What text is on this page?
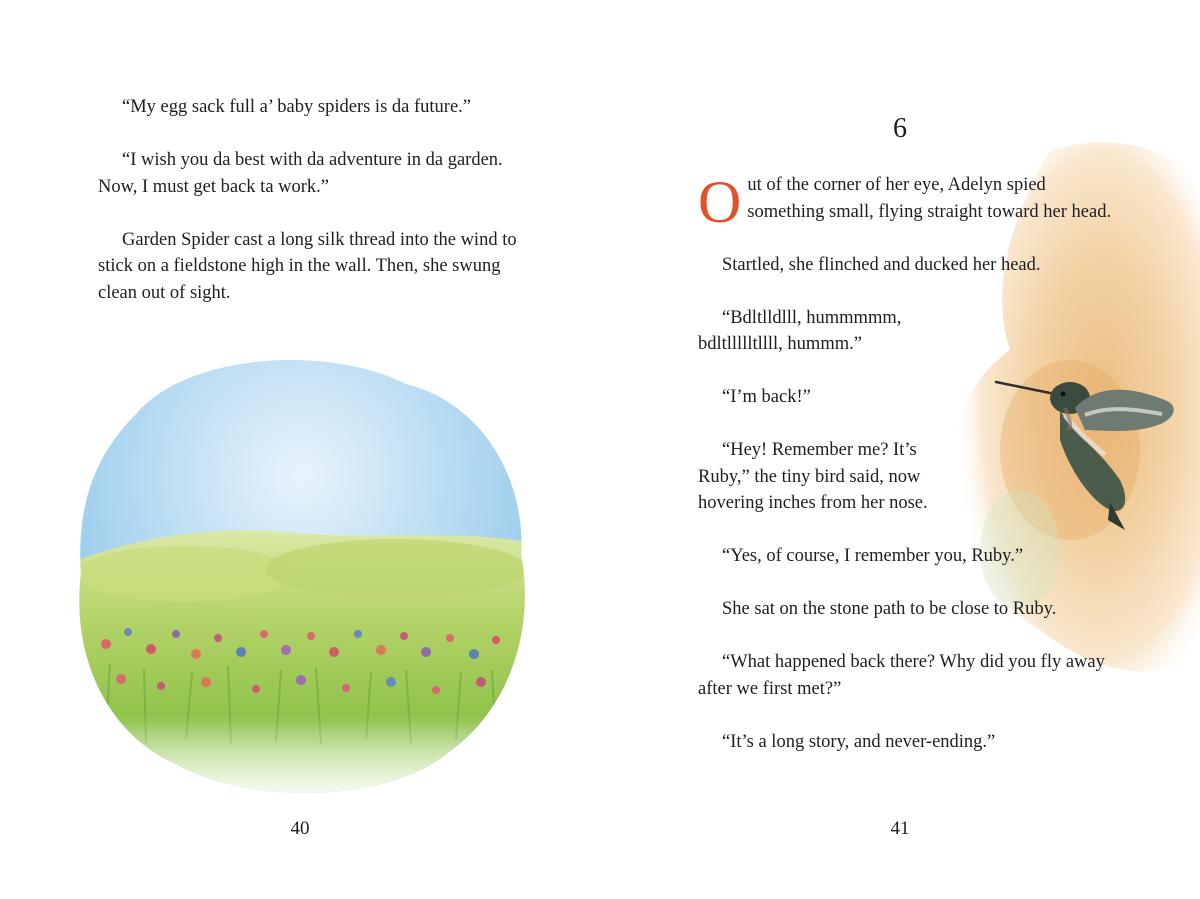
“My egg sack full a’ baby spiders is da future.”

“I wish you da best with da adventure in da garden. Now, I must get back ta work.”

Garden Spider cast a long silk thread into the wind to stick on a fieldstone high in the wall. Then, she swung clean out of sight.

40
6

Out of the corner of her eye, Adelyn spied something small, flying straight toward her head.

Startled, she flinched and ducked her head.

“Bdltlldlll, hummmmm, bdltllllltllll, hummm.”

“I’m back!”

“Hey! Remember me? It’s Ruby,” the tiny bird said, now hovering inches from her nose.

“Yes, of course, I remember you, Ruby.”

She sat on the stone path to be close to Ruby.

“What happened back there? Why did you fly away after we first met?”

“It’s a long story, and never-ending.”

41
